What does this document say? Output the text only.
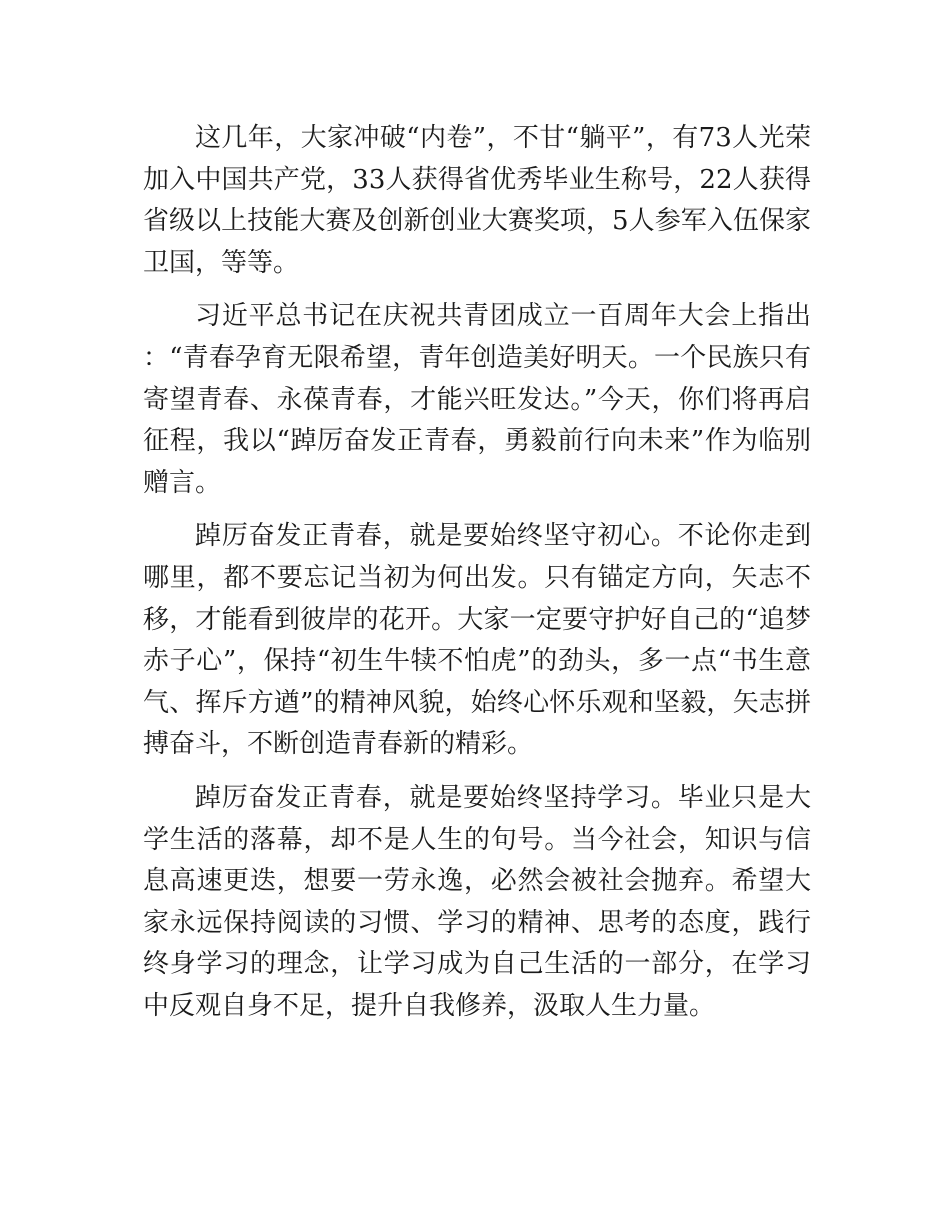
这几年，大家冲破“内卷”，不甘“躺平”，有73人光荣加入中国共产党，33人获得省优秀毕业生称号，22人获得省级以上技能大赛及创新创业大赛奖项，5人参军入伍保家卫国，等等。

习近平总书记在庆祝共青团成立一百周年大会上指出：“青春孕育无限希望，青年创造美好明天。一个民族只有寄望青春、永葆青春，才能兴旺发达。”今天，你们将再启征程，我以“踔厉奋发正青春，勇毅前行向未来”作为临别赠言。

踔厉奋发正青春，就是要始终坚守初心。不论你走到哪里，都不要忘记当初为何出发。只有锚定方向，矢志不移，才能看到彼岸的花开。大家一定要守护好自己的“追梦赤子心”，保持“初生牛犊不怕虎”的劲头，多一点“书生意气、挥斥方遒”的精神风貌，始终心怀乐观和坚毅，矢志拼搏奋斗，不断创造青春新的精彩。

踔厉奋发正青春，就是要始终坚持学习。毕业只是大学生活的落幕，却不是人生的句号。当今社会，知识与信息高速更迭，想要一劳永逸，必然会被社会抛弃。希望大家永远保持阅读的习惯、学习的精神、思考的态度，践行终身学习的理念，让学习成为自己生活的一部分，在学习中反观自身不足，提升自我修养，汲取人生力量。
